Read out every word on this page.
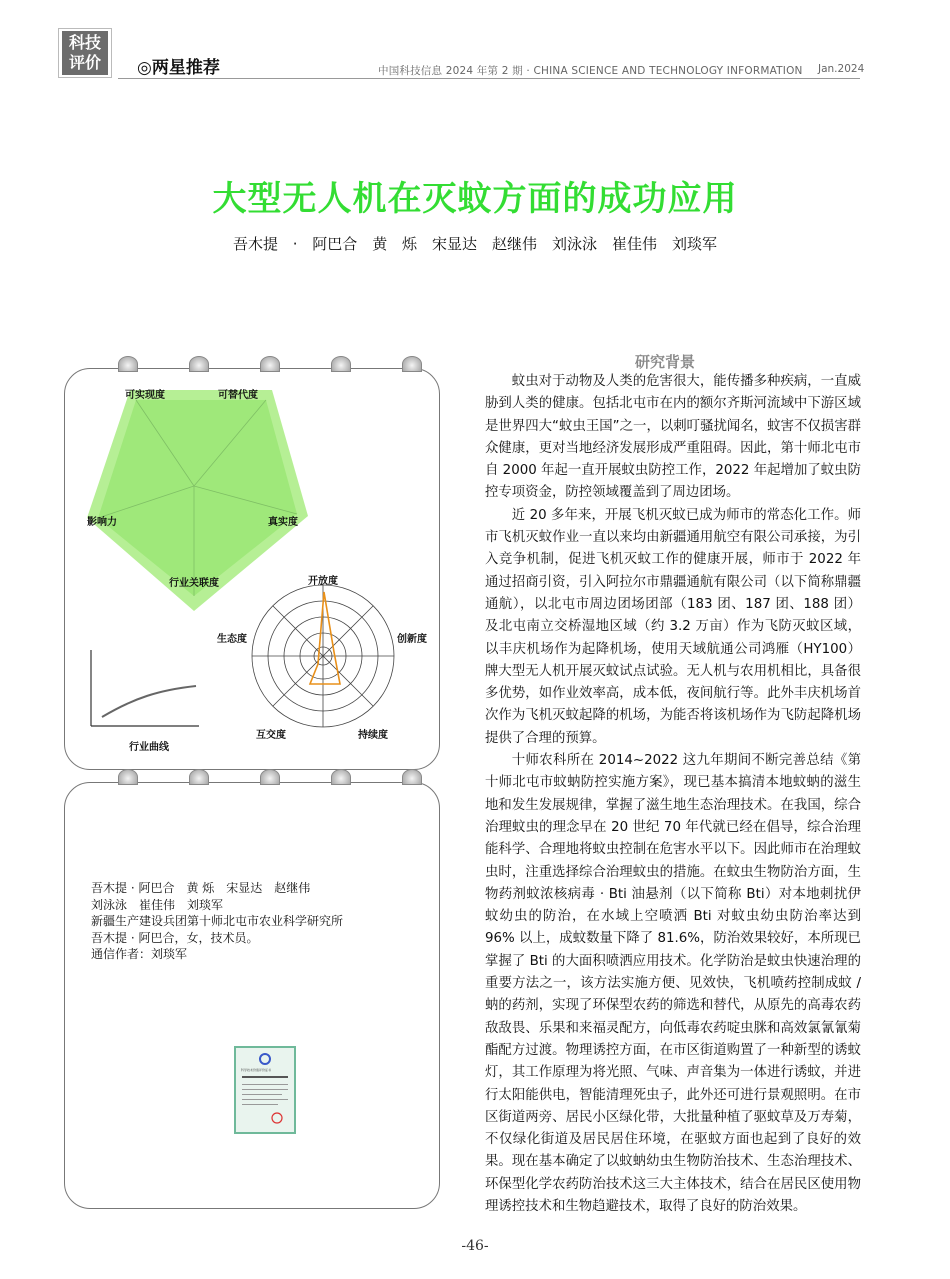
科技
评价	◎两星推荐	中国科技信息 2024 年第 2 期 · CHINA SCIENCE AND TECHNOLOGY INFORMATION Jan.2024
大型无人机在灭蚊方面的成功应用
吾木提 · 阿巴合　黄 烁　宋显达　赵继伟　刘泳泳　崔佳伟　刘琰军
可实现度	可替代度
真实度
行业关联度
影响力
开放度
创新度
持续度
互交度
生态度
行业曲线
吾木提 · 阿巴合　黄 烁　宋显达　赵继伟
刘泳泳　崔佳伟　刘琰军
新疆生产建设兵团第十师北屯市农业科学研究所
吾木提 · 阿巴合，女，技术员。
通信作者：刘琰军
科学技术价值评价证书
研究背景

蚊虫对于动物及人类的危害很大，能传播多种疾病，一直威胁到人类的健康。包括北屯市在内的额尔齐斯河流域中下游区域是世界四大“蚊虫王国”之一，以刺叮骚扰闻名，蚊害不仅损害群众健康，更对当地经济发展形成严重阻碍。因此，第十师北屯市自 2000 年起一直开展蚊虫防控工作，2022 年起增加了蚊虫防控专项资金，防控领域覆盖到了周边团场。

近 20 多年来，开展飞机灭蚊已成为师市的常态化工作。师市飞机灭蚊作业一直以来均由新疆通用航空有限公司承接，为引入竞争机制，促进飞机灭蚊工作的健康开展，师市于 2022 年通过招商引资，引入阿拉尔市鼎疆通航有限公司（以下简称鼎疆通航），以北屯市周边团场团部（183 团、187 团、188 团）及北屯南立交桥湿地区域（约 3.2 万亩）作为飞防灭蚊区域，以丰庆机场作为起降机场，使用天域航通公司鸿雁（HY100）牌大型无人机开展灭蚊试点试验。无人机与农用机相比，具备很多优势，如作业效率高，成本低，夜间航行等。此外丰庆机场首次作为飞机灭蚊起降的机场，为能否将该机场作为飞防起降机场提供了合理的预算。

十师农科所在 2014~2022 这九年期间不断完善总结《第十师北屯市蚊蚋防控实施方案》，现已基本搞清本地蚊蚋的滋生地和发生发展规律，掌握了滋生地生态治理技术。在我国，综合治理蚊虫的理念早在 20 世纪 70 年代就已经在倡导，综合治理能科学、合理地将蚊虫控制在危害水平以下。因此师市在治理蚊虫时，注重选择综合治理蚊虫的措施。在蚊虫生物防治方面，生物药剂蚊浓核病毒 · Bti 油悬剂（以下简称 Bti）对本地刺扰伊蚊幼虫的防治，在水域上空喷洒 Bti 对蚊虫幼虫防治率达到 96% 以上，成蚊数量下降了 81.6%，防治效果较好，本所现已掌握了 Bti 的大面积喷洒应用技术。化学防治是蚊虫快速治理的重要方法之一，该方法实施方便、见效快，飞机喷药控制成蚊 / 蚋的药剂，实现了环保型农药的筛选和替代，从原先的高毒农药敌敌畏、乐果和来福灵配方，向低毒农药啶虫脒和高效氯氰氰菊酯配方过渡。物理诱控方面，在市区街道购置了一种新型的诱蚊灯，其工作原理为将光照、气味、声音集为一体进行诱蚊，并进行太阳能供电，智能清理死虫子，此外还可进行景观照明。在市区街道两旁、居民小区绿化带，大批量种植了驱蚊草及万寿菊，不仅绿化街道及居民居住环境，在驱蚊方面也起到了良好的效果。现在基本确定了以蚊蚋幼虫生物防治技术、生态治理技术、环保型化学农药防治技术这三大主体技术，结合在居民区使用物理诱控技术和生物趋避技术，取得了良好的防治效果。

-46-
